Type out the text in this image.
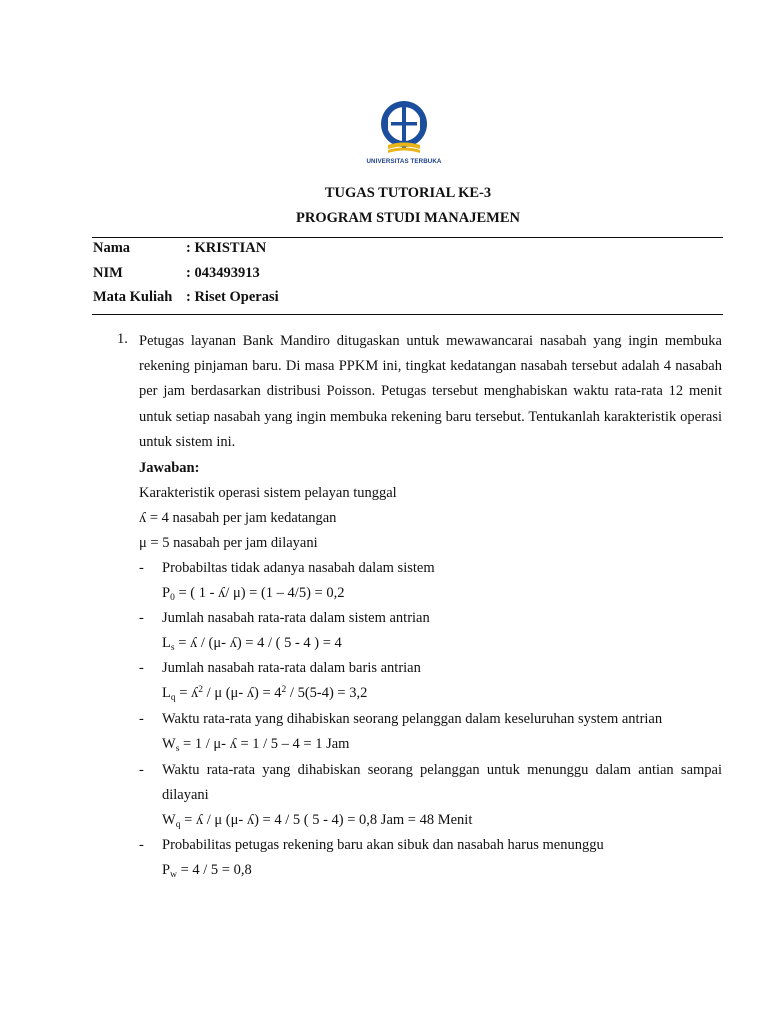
UNIVERSITAS TERBUKA
TUGAS TUTORIAL KE-3
PROGRAM STUDI MANAJEMEN
Nama	: KRISTIAN
NIM	: 043493913
Mata Kuliah : Riset Operasi
1. Petugas layanan Bank Mandiro ditugaskan untuk mewawancarai nasabah yang ingin membuka rekening pinjaman baru. Di masa PPKM ini, tingkat kedatangan nasabah tersebut adalah 4 nasabah per jam berdasarkan distribusi Poisson. Petugas tersebut menghabiskan waktu rata-rata 12 menit untuk setiap nasabah yang ingin membuka rekening baru tersebut. Tentukanlah karakteristik operasi untuk sistem ini.
Jawaban:
Karakteristik operasi sistem pelayan tunggal
ʎ = 4 nasabah per jam kedatangan
μ = 5 nasabah per jam dilayani
- Probabiltas tidak adanya nasabah dalam sistem
$P_0$ = ( 1 - ʎ/ μ) = (1 – 4/5) = 0,2
- Jumlah nasabah rata-rata dalam sistem antrian
$L_s$ = ʎ / (μ- ʎ) = 4 / ( 5 - 4 ) = 4
- Jumlah nasabah rata-rata dalam baris antrian
$L_q$ = ʎ$^2$ / μ (μ- ʎ) = $4^2 / 5(5-4) = 3,2$
- Waktu rata-rata yang dihabiskan seorang pelanggan dalam keseluruhan system antrian
$W_s = 1 / \mu-$ ʎ = 1 / 5 – 4 = 1 Jam
- Waktu rata-rata yang dihabiskan seorang pelanggan untuk menunggu dalam antian sampai dilayani
$W_q$ = ʎ / μ (μ- ʎ) = 4 / 5 ( 5 - 4) = 0,8 Jam = 48 Menit
- Probabilitas petugas rekening baru akan sibuk dan nasabah harus menunggu
$P_w = 4 / 5 = 0,8$
